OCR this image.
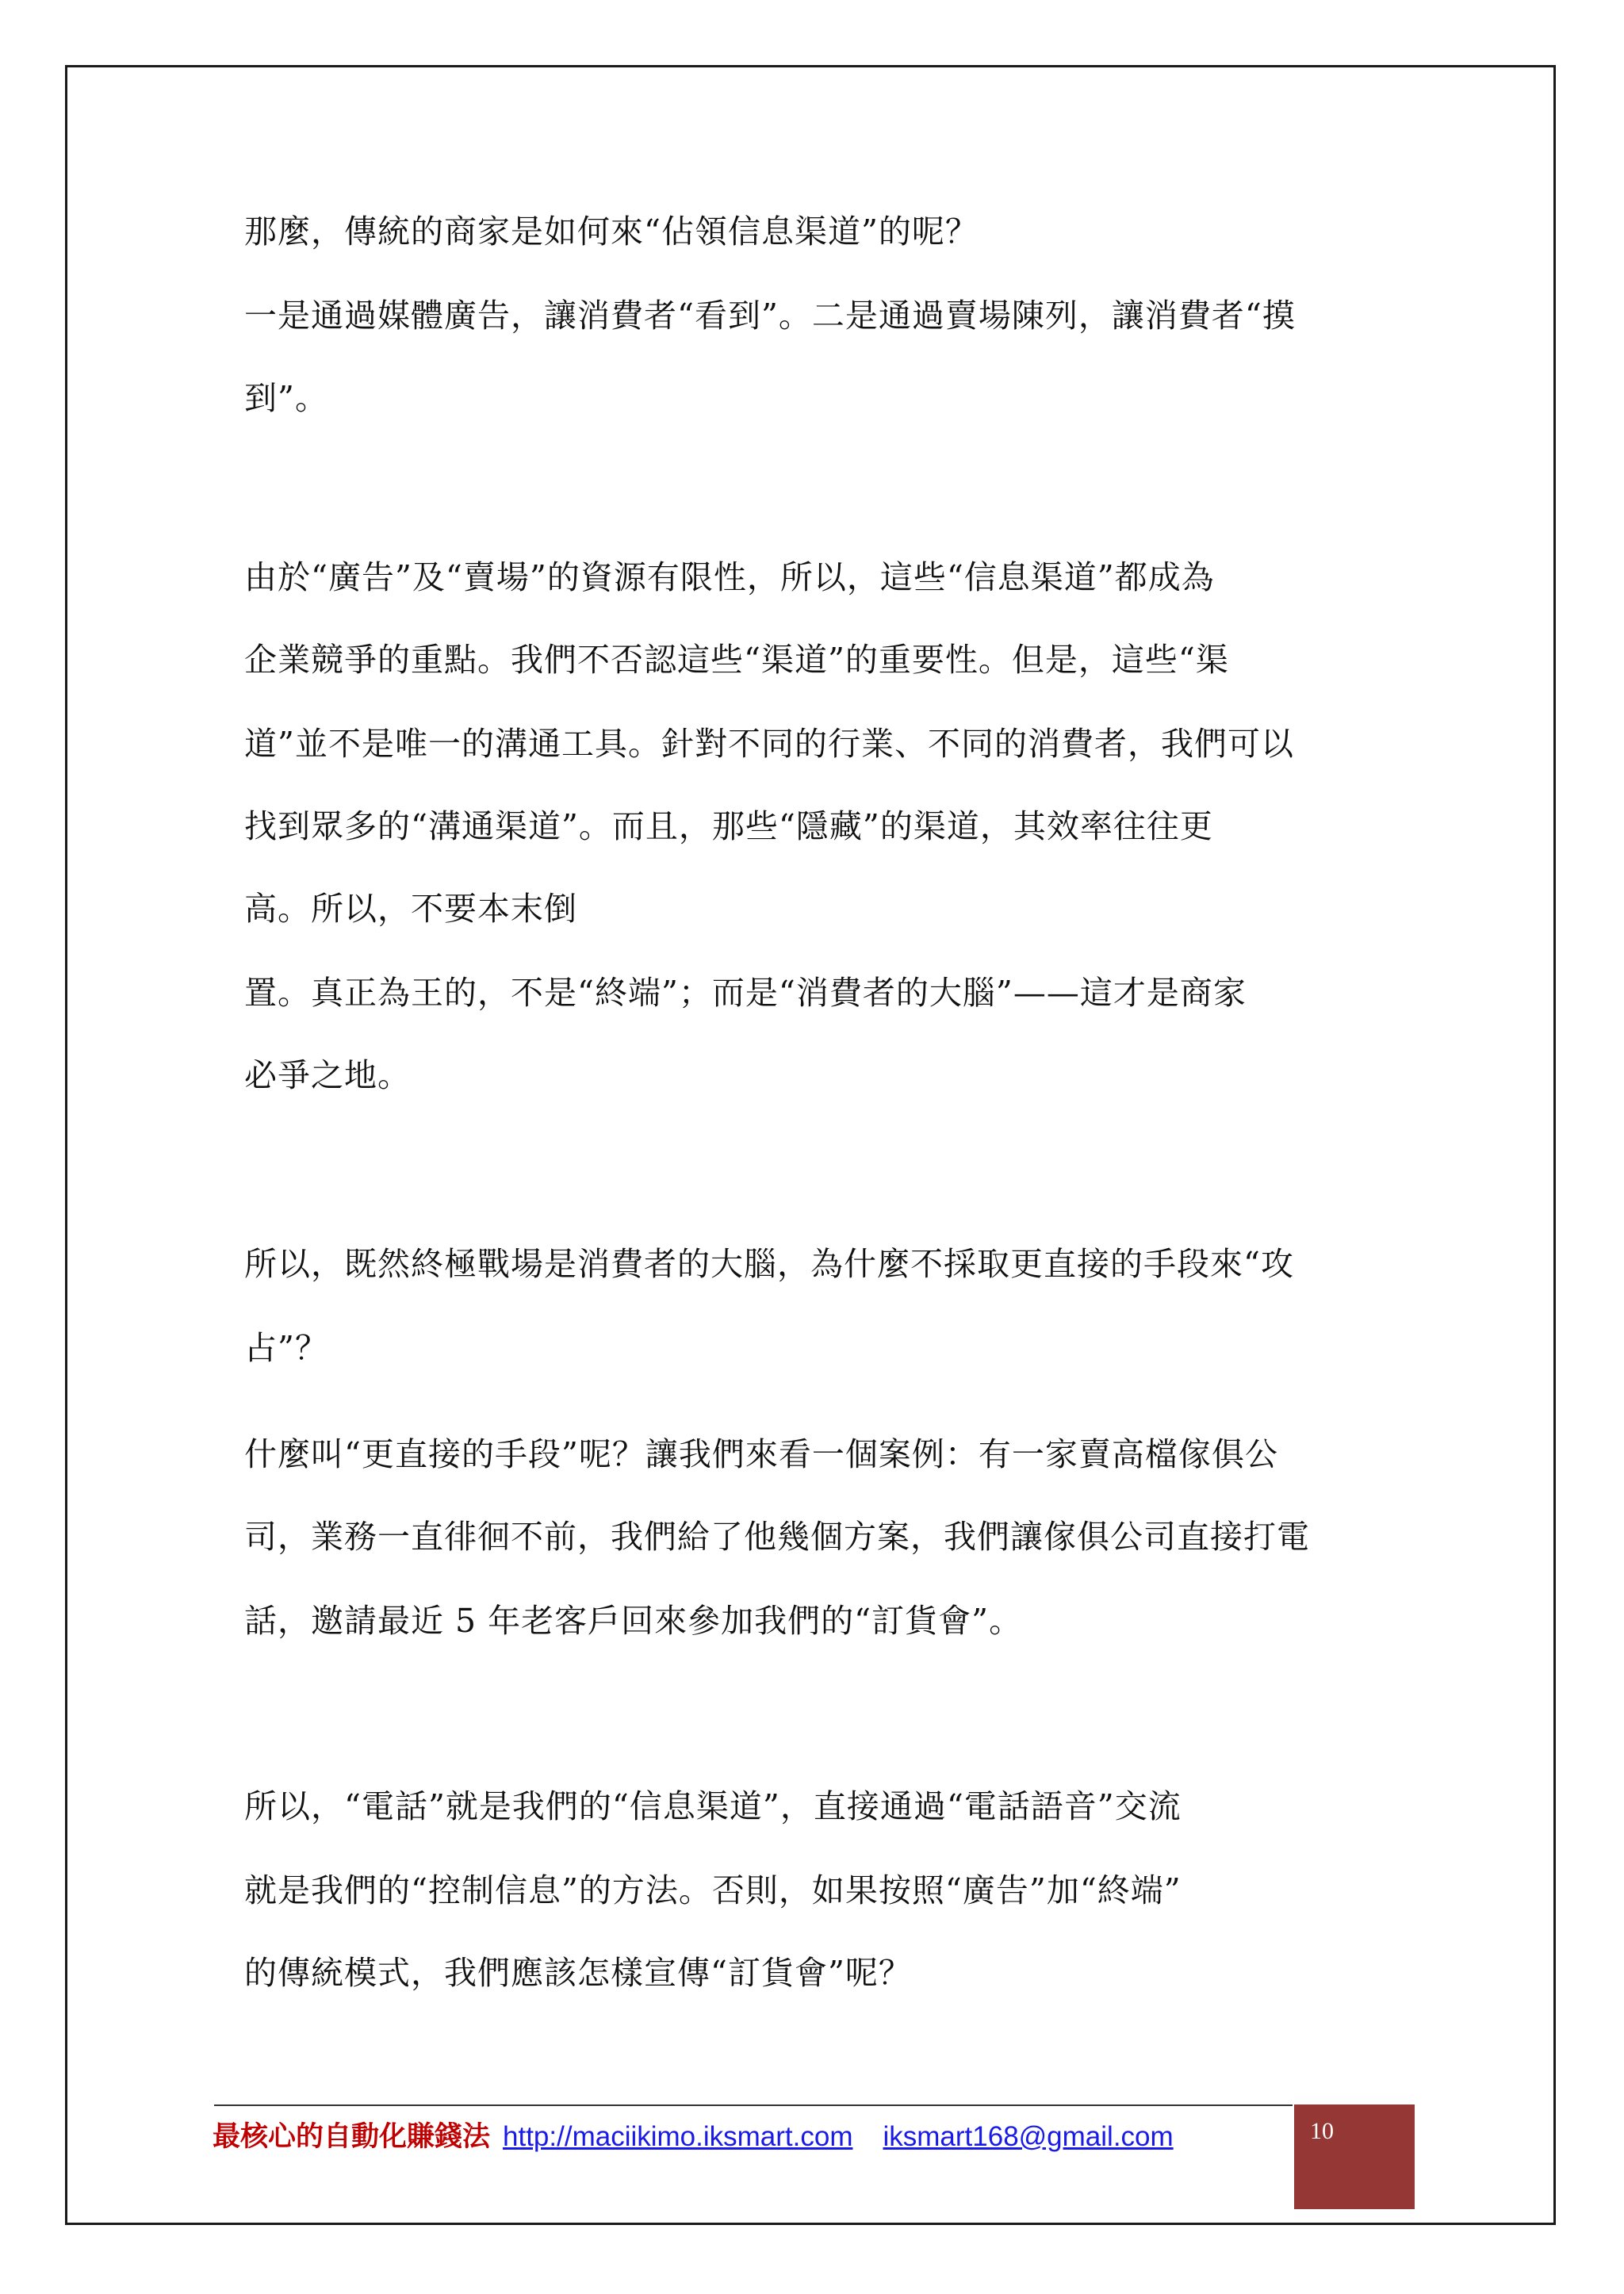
那麼，傳統的商家是如何來“佔領信息渠道”的呢？
一是通過媒體廣告，讓消費者“看到”。二是通過賣場陳列，讓消費者“摸
到”。
由於“廣告”及“賣場”的資源有限性，所以，這些“信息渠道”都成為
企業競爭的重點。我們不否認這些“渠道”的重要性。但是，這些“渠
道”並不是唯一的溝通工具。針對不同的行業、不同的消費者，我們可以
找到眾多的“溝通渠道”。而且，那些“隱藏”的渠道，其效率往往更
高。所以，不要本末倒
置。真正為王的，不是“終端”；而是“消費者的大腦”——這才是商家
必爭之地。
所以，既然終極戰場是消費者的大腦，為什麼不採取更直接的手段來“攻
占”？
什麼叫“更直接的手段”呢？讓我們來看一個案例：有一家賣高檔傢俱公
司，業務一直徘徊不前，我們給了他幾個方案，我們讓傢俱公司直接打電
話，邀請最近 5 年老客戶回來參加我們的“訂貨會”。
所以，“電話”就是我們的“信息渠道”，直接通過“電話語音”交流
就是我們的“控制信息”的方法。否則，如果按照“廣告”加“終端”
的傳統模式，我們應該怎樣宣傳“訂貨會”呢？
最核心的自動化賺錢法 http://maciikimo.iksmart.com iksmart168@gmail.com	10
